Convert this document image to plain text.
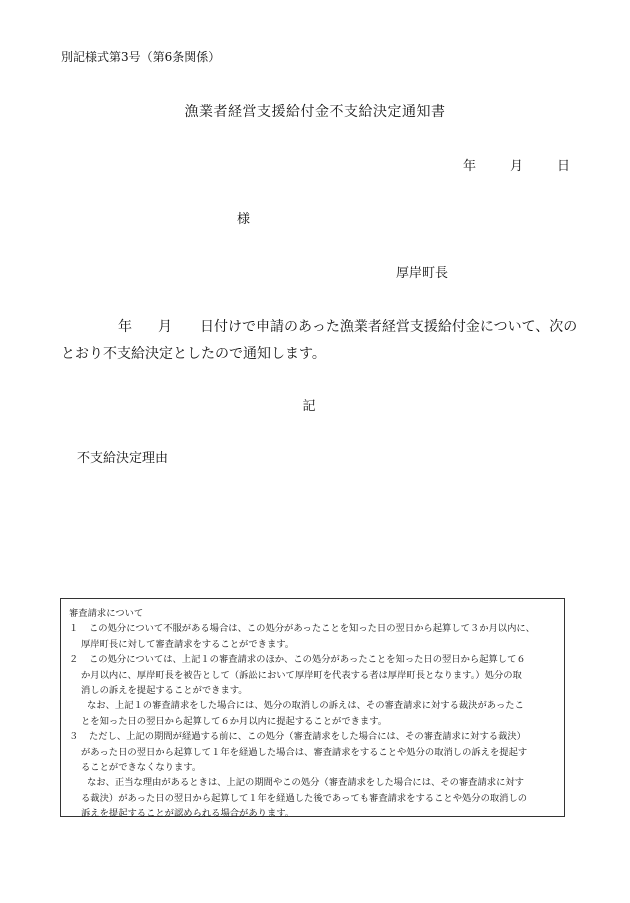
別記様式第3号（第6条関係）
漁業者経営支援給付金不支給決定通知書
年	月	日
様
厚岸町長
年 月 日付けで申請のあった漁業者経営支援給付金について、次の
とおり不支給決定としたので通知します。
記
不支給決定理由
審査請求について
１ この処分について不服がある場合は、この処分があったことを知った日の翌日から起算して３か月以内に、
厚岸町長に対して審査請求をすることができます。
２ この処分については、上記１の審査請求のほか、この処分があったことを知った日の翌日から起算して６
か月以内に、厚岸町長を被告として（訴訟において厚岸町を代表する者は厚岸町長となります。）処分の取
消しの訴えを提起することができます。
なお、上記１の審査請求をした場合には、処分の取消しの訴えは、その審査請求に対する裁決があったこ
とを知った日の翌日から起算して６か月以内に提起することができます。
３ ただし、上記の期間が経過する前に、この処分（審査請求をした場合には、その審査請求に対する裁決）
があった日の翌日から起算して１年を経過した場合は、審査請求をすることや処分の取消しの訴えを提起す
ることができなくなります。
なお、正当な理由があるときは、上記の期間やこの処分（審査請求をした場合には、その審査請求に対す
る裁決）があった日の翌日から起算して１年を経過した後であっても審査請求をすることや処分の取消しの
訴えを提起することが認められる場合があります。
